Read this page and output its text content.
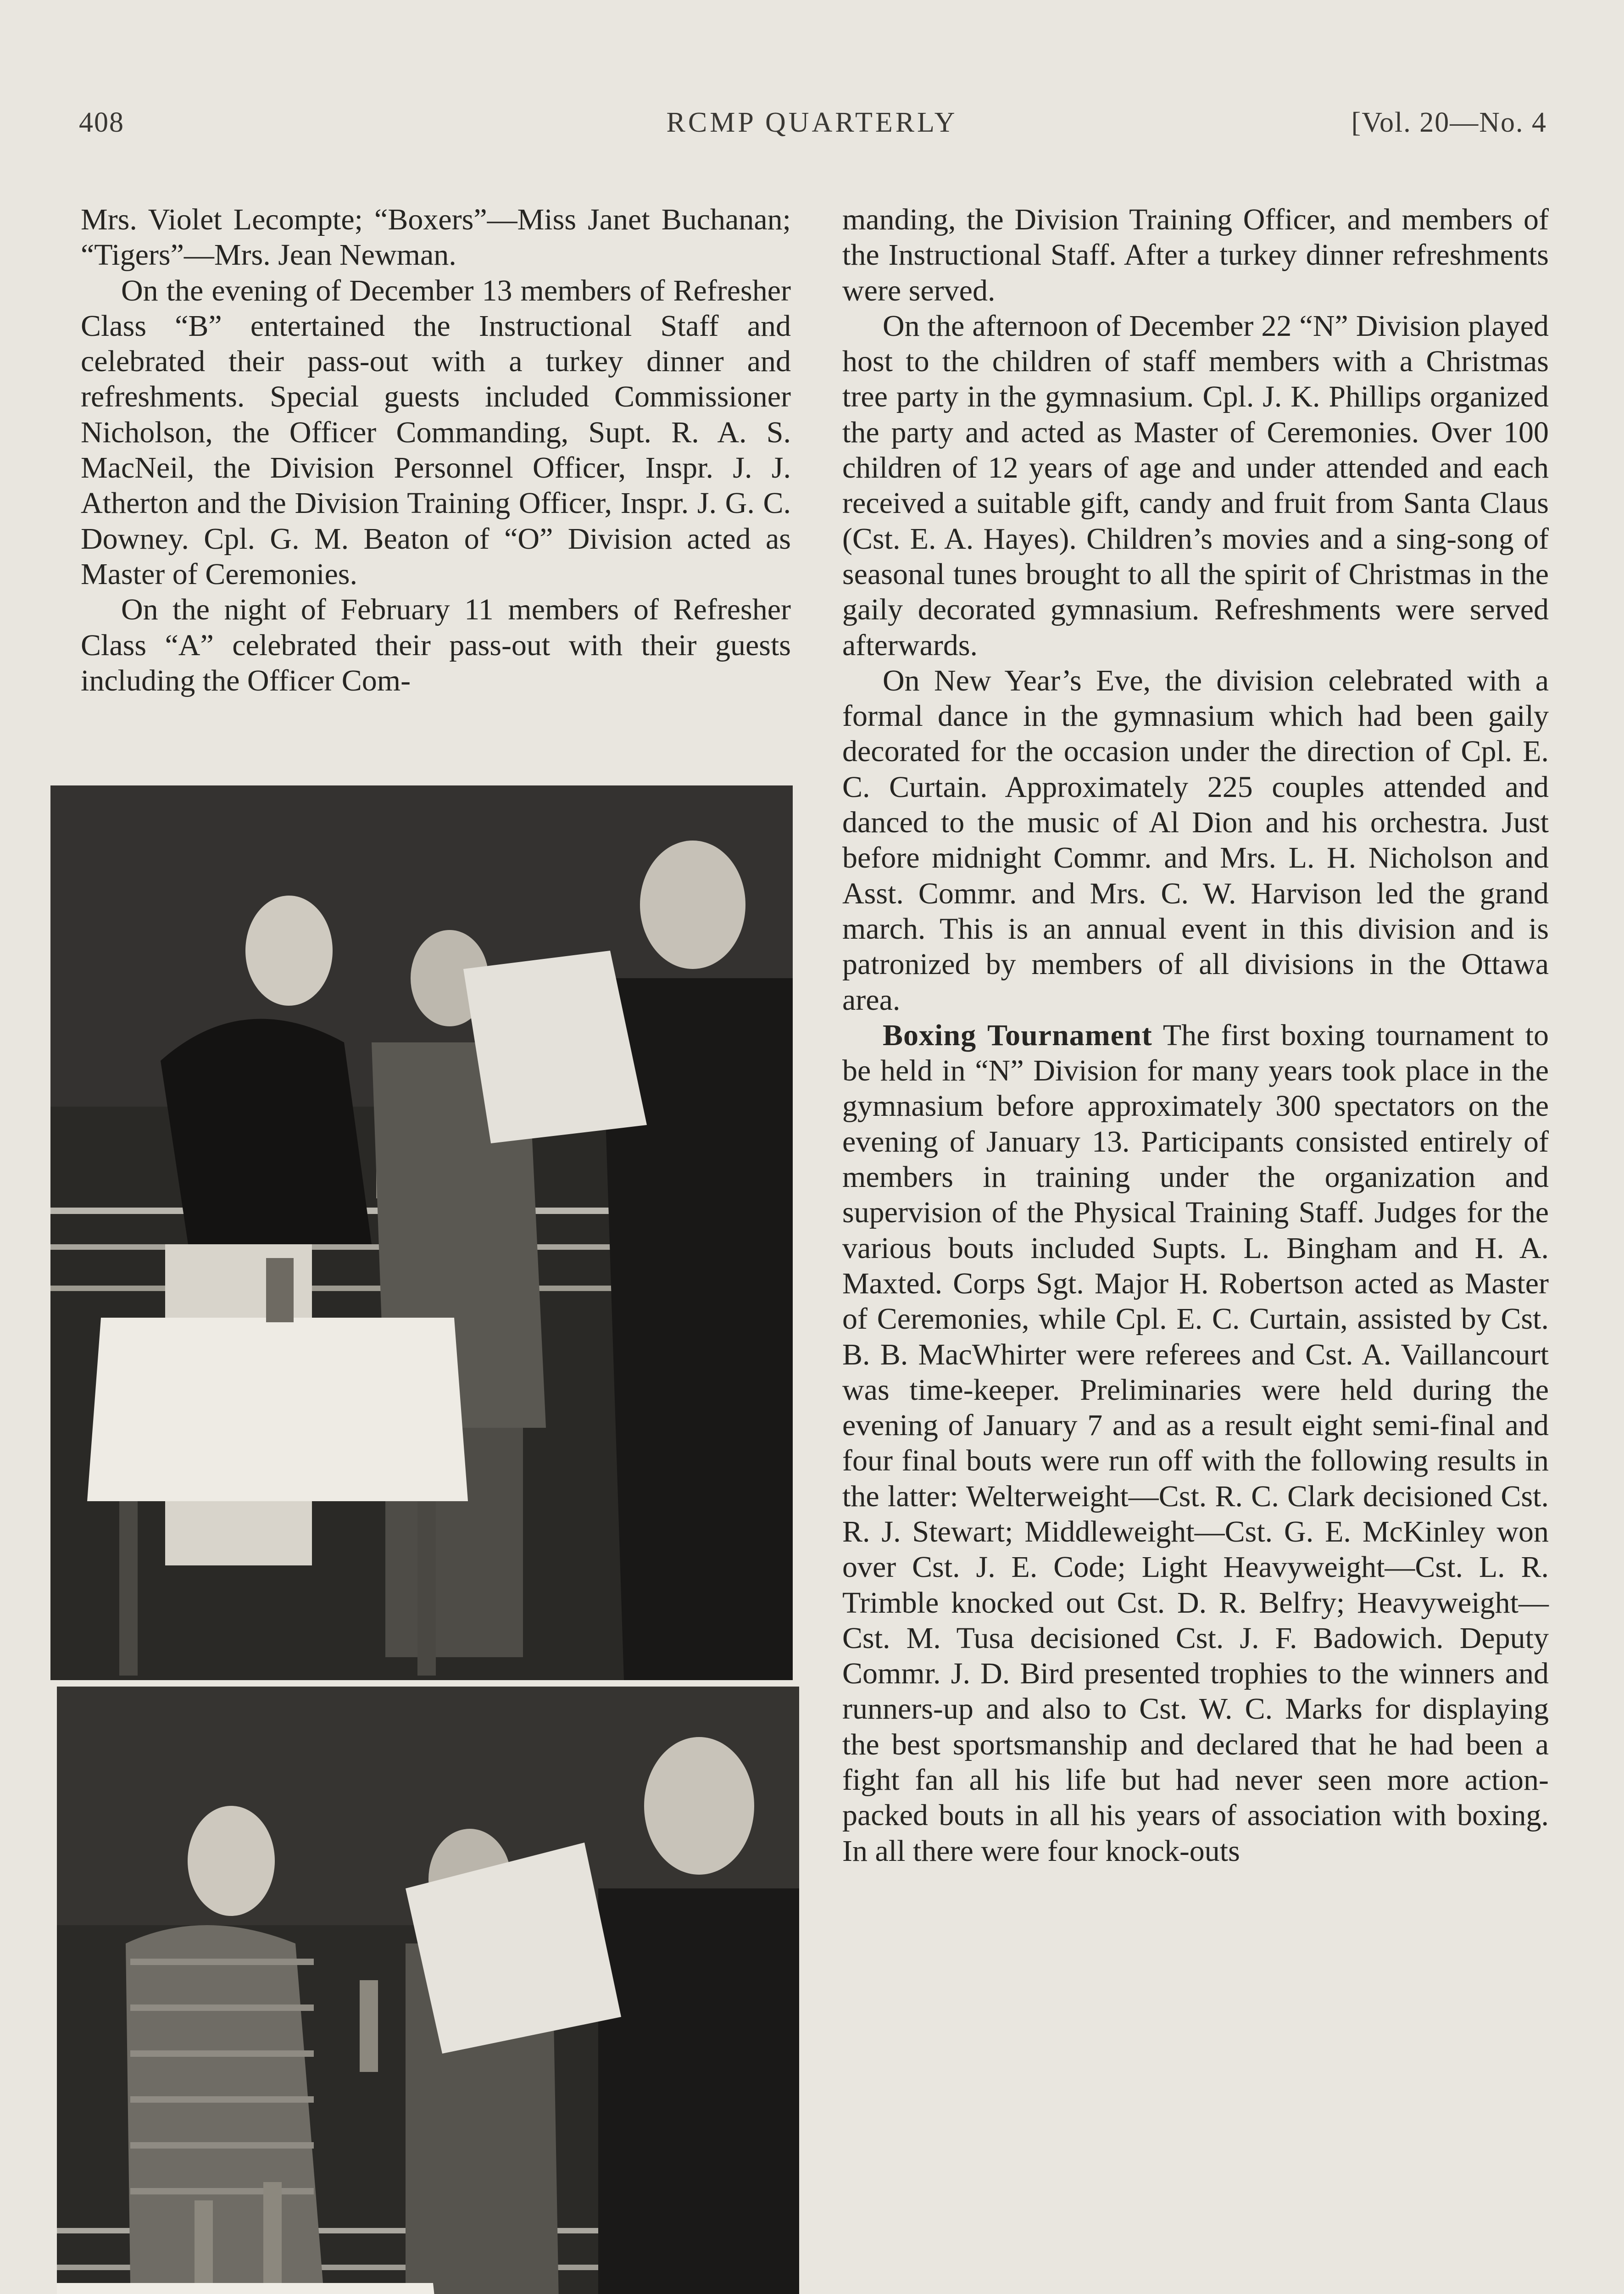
408	RCMP QUARTERLY	[Vol. 20—No. 4

Mrs. Violet Lecompte; “Boxers”—Miss Janet Buchanan; “Tigers”—Mrs. Jean Newman.

On the evening of December 13 members of Refresher Class “B” entertained the Instructional Staff and celebrated their pass-out with a turkey dinner and refreshments. Special guests included Commissioner Nicholson, the Officer Commanding, Supt. R. A. S. MacNeil, the Division Personnel Officer, Inspr. J. J. Atherton and the Division Training Officer, Inspr. J. G. C. Downey. Cpl. G. M. Beaton of “O” Division acted as Master of Ceremonies.

On the night of February 11 members of Refresher Class “A” celebrated their pass-out with their guests including the Officer Com-

manding, the Division Training Officer, and members of the Instructional Staff. After a turkey dinner refreshments were served.

On the afternoon of December 22 “N” Division played host to the children of staff members with a Christmas tree party in the gymnasium. Cpl. J. K. Phillips organized the party and acted as Master of Ceremonies. Over 100 children of 12 years of age and under attended and each received a suitable gift, candy and fruit from Santa Claus (Cst. E. A. Hayes). Children’s movies and a sing-song of seasonal tunes brought to all the spirit of Christmas in the gaily decorated gymnasium. Refreshments were served afterwards.

On New Year’s Eve, the division celebrated with a formal dance in the gymnasium which had been gaily decorated for the occasion under the direction of Cpl. E. C. Curtain. Approximately 225 couples attended and danced to the music of Al Dion and his orchestra. Just before midnight Commr. and Mrs. L. H. Nicholson and Asst. Commr. and Mrs. C. W. Harvison led the grand march. This is an annual event in this division and is patronized by members of all divisions in the Ottawa area.

Boxing Tournament The first boxing tournament to be held in “N” Division for many years took place in the gymnasium before approximately 300 spectators on the evening of January 13. Participants consisted entirely of members in training under the organization and supervision of the Physical Training Staff. Judges for the various bouts included Supts. L. Bingham and H. A. Maxted. Corps Sgt. Major H. Robertson acted as Master of Ceremonies, while Cpl. E. C. Curtain, assisted by Cst. B. B. MacWhirter were referees and Cst. A. Vaillancourt was time-keeper. Preliminaries were held during the evening of January 7 and as a result eight semi-final and four final bouts were run off with the following results in the latter: Welterweight—Cst. R. C. Clark decisioned Cst. R. J. Stewart; Middleweight—Cst. G. E. McKinley won over Cst. J. E. Code; Light Heavyweight—Cst. L. R. Trimble knocked out Cst. D. R. Belfry; Heavyweight—Cst. M. Tusa decisioned Cst. J. F. Badowich. Deputy Commr. J. D. Bird presented trophies to the winners and runners-up and also to Cst. W. C. Marks for displaying the best sportsmanship and declared that he had been a fight fan all his life but had never seen more action-packed bouts in all his years of association with boxing. In all there were four knock-outs
